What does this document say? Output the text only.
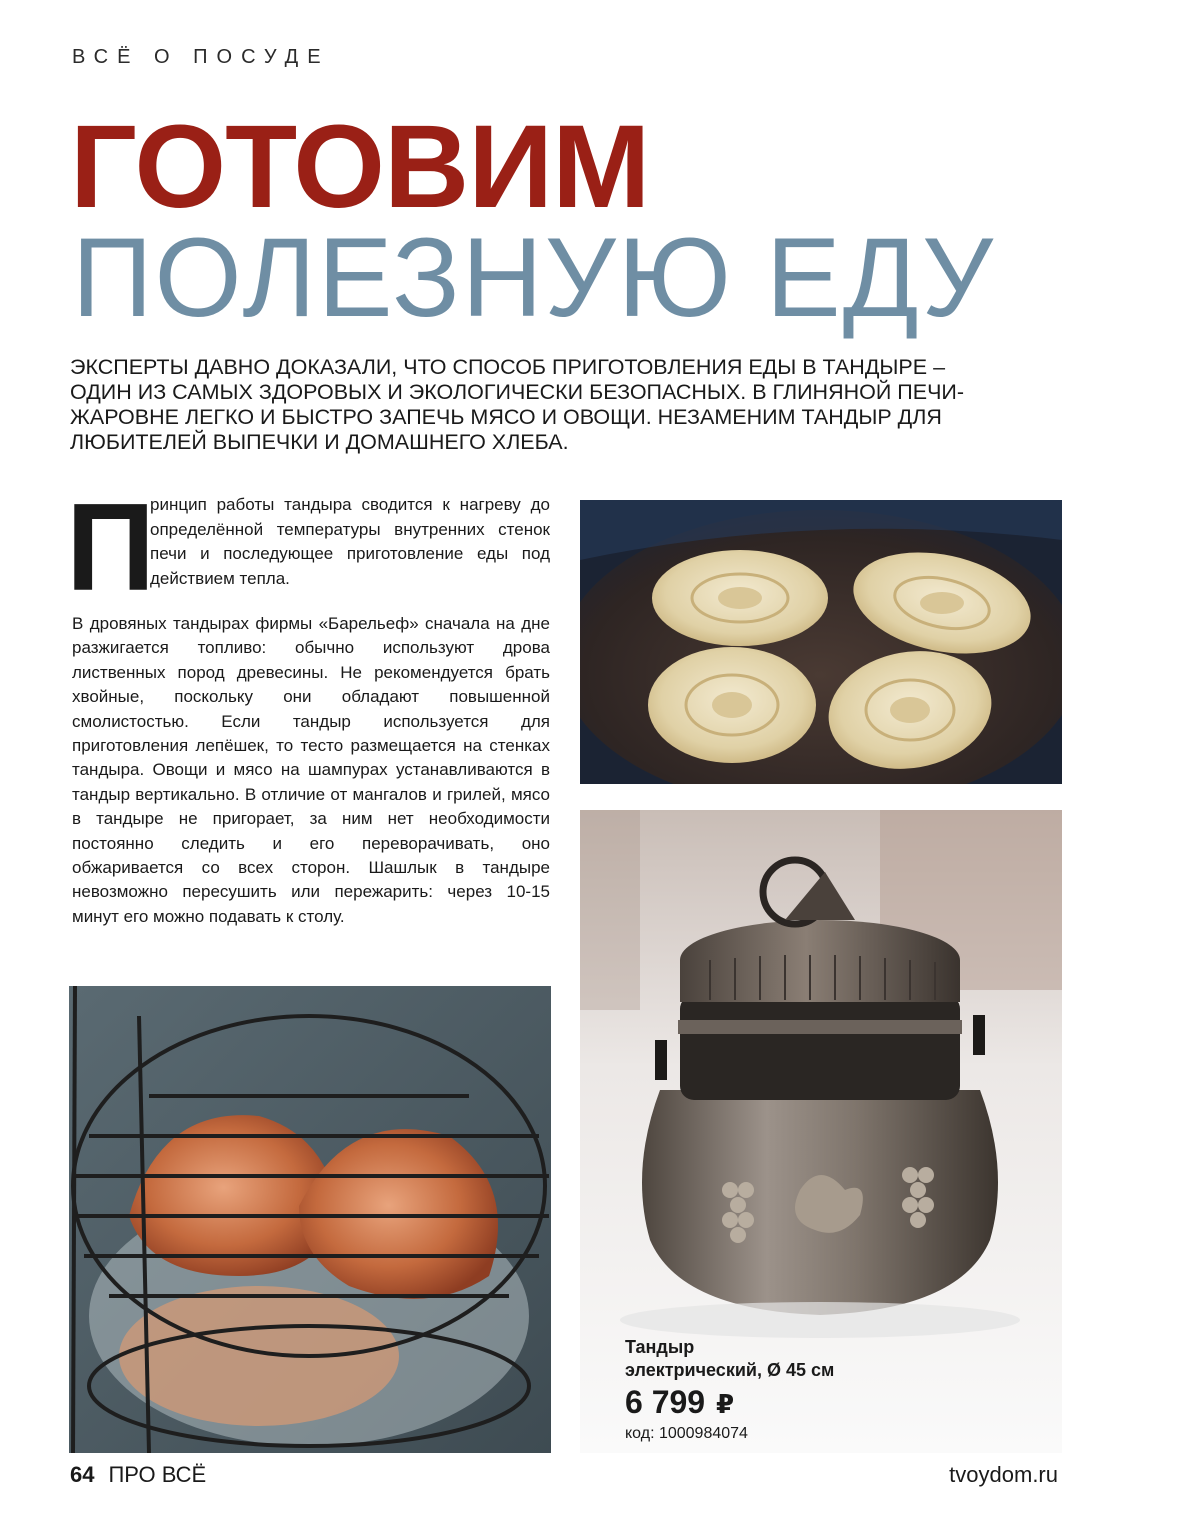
ВСЁ О ПОСУДЕ
ГОТОВИМ
ПОЛЕЗНУЮ ЕДУ
ЭКСПЕРТЫ ДАВНО ДОКАЗАЛИ, ЧТО СПОСОБ ПРИГОТОВЛЕНИЯ ЕДЫ В ТАНДЫРЕ – ОДИН ИЗ САМЫХ ЗДОРОВЫХ И ЭКОЛОГИЧЕСКИ БЕЗОПАСНЫХ. В ГЛИНЯНОЙ ПЕЧИ-ЖАРОВНЕ ЛЕГКО И БЫСТРО ЗАПЕЧЬ МЯСО И ОВОЩИ. НЕЗАМЕНИМ ТАНДЫР ДЛЯ ЛЮБИТЕЛЕЙ ВЫПЕЧКИ И ДОМАШНЕГО ХЛЕБА.
П
ринцип работы тандыра сводится к нагреву до определённой температуры внутренних стенок печи и последующее приготовление еды под действием тепла.
В дровяных тандырах фирмы «Барельеф» сначала на дне разжигается топливо: обычно используют дрова лиственных пород древесины. Не рекомендуется брать хвойные, поскольку они обладают повышенной смолистостью. Если тандыр используется для приготовления лепёшек, то тесто размещается на стенках тандыра. Овощи и мясо на шампурах устанавливаются в тандыр вертикально. В отличие от мангалов и грилей, мясо в тандыре не пригорает, за ним нет необходимости постоянно следить и его переворачивать, оно обжаривается со всех сторон. Шашлык в тандыре невозможно пересушить или пережарить: через 10-15 минут его можно подавать к столу.
Тандыр
электрический, Ø 45 см
6 799 ₽
код: 1000984074
64 ПРО ВСЁ	tvoydom.ru
